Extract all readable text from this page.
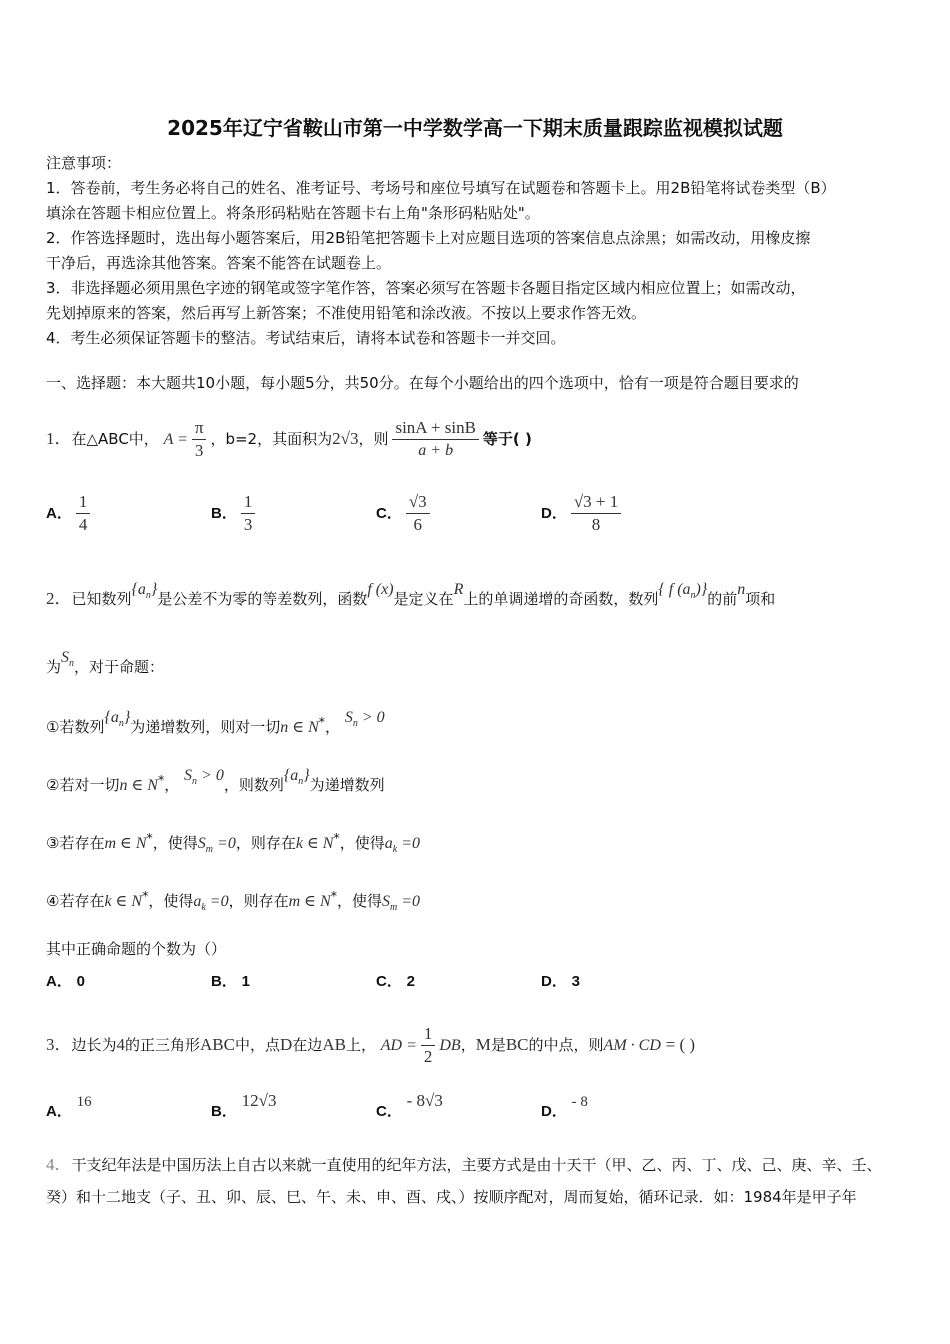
2025年辽宁省鞍山市第一中学数学高一下期末质量跟踪监视模拟试题
注意事项：
1．答卷前，考生务必将自己的姓名、准考证号、考场号和座位号填写在试题卷和答题卡上。用2B铅笔将试卷类型（B）
填涂在答题卡相应位置上。将条形码粘贴在答题卡右上角"条形码粘贴处"。
2．作答选择题时，选出每小题答案后，用2B铅笔把答题卡上对应题目选项的答案信息点涂黑；如需改动，用橡皮擦
干净后，再选涂其他答案。答案不能答在试题卷上。
3．非选择题必须用黑色字迹的钢笔或签字笔作答，答案必须写在答题卡各题目指定区域内相应位置上；如需改动，
先划掉原来的答案，然后再写上新答案；不准使用铅笔和涂改液。不按以上要求作答无效。
4．考生必须保证答题卡的整洁。考试结束后，请将本试卷和答题卡一并交回。
一、选择题：本大题共10小题，每小题5分，共50分。在每个小题给出的四个选项中，恰有一项是符合题目要求的
1．在△ABC中， $A = \frac{\pi}{3}$ ，b=2，其面积为2√3，则 $\frac{\sin A + \sin B}{a + b}$ 等于( )
A． $\frac{1}{4}$	B． $\frac{1}{3}$	C． $\frac{√3}{6}$	D． $\frac{√3 + 1}{8}$
2．已知数列$\{a_n\}$是公差不为零的等差数列，函数f (x)是定义在R上的单调递增的奇函数，数列{ f $(a_n)$}的前n项和
为$S_n$，对于命题：
①若数列$\{a_n\}$为递增数列，则对一切n ∈ N*， $S_n > 0$
②若对一切n ∈ N*， $S_n > 0$，则数列$\{a_n\}$为递增数列
③若存在m ∈ N*，使得$S_m =0$，则存在k ∈ N*，使得$a_k =0$
④若存在k ∈ N*，使得$a_k =0$，则存在m ∈ N*，使得$S_m =0$
其中正确命题的个数为（）
A． 0	B． 1	C． 2	D． 3
3．边长为4的正三角形ABC中，点D在边AB上， AD = $\frac{1}{2}$ DB，M是BC的中点，则AM · CD = ( )
A． 16
B． 12√3
C． - 8√3
D． - 8
4．干支纪年法是中国历法上自古以来就一直使用的纪年方法，主要方式是由十天干（甲、乙、丙、丁、戊、己、庚、辛、壬、
癸）和十二地支（子、丑、卯、辰、巳、午、未、申、酉、戌、）按顺序配对，周而复始，循环记录．如：1984年是甲子年
